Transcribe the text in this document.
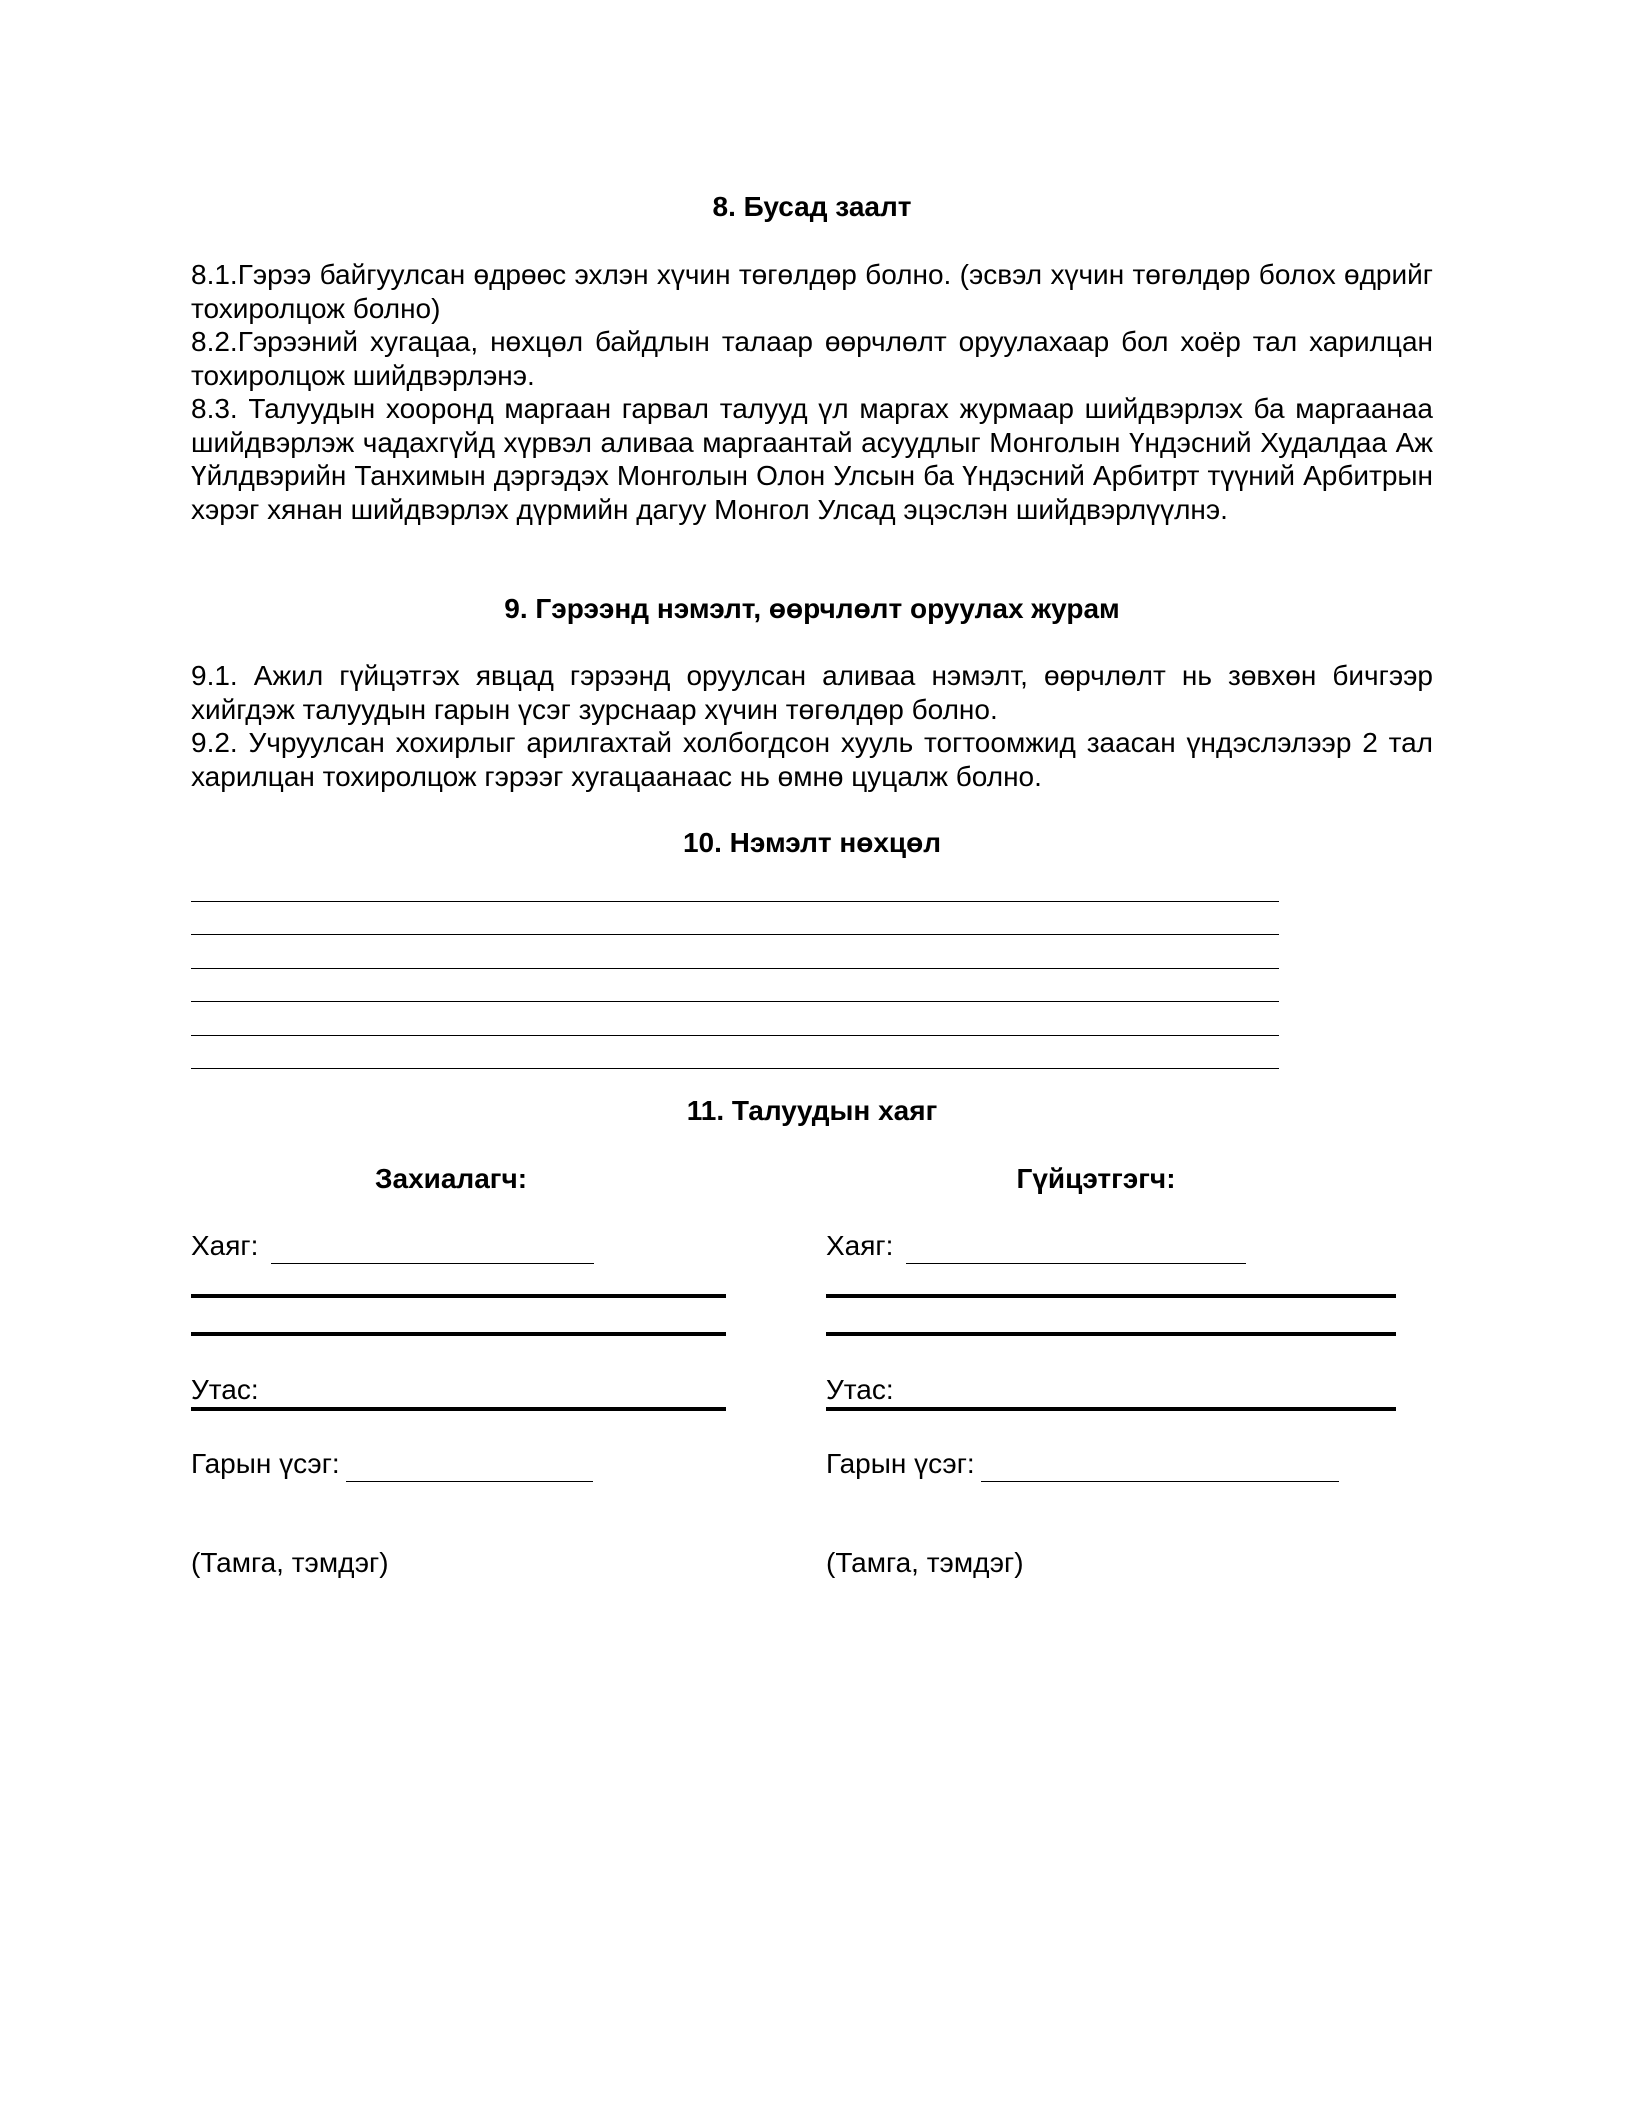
8. Бусад заалт

8.1.Гэрээ байгуулсан өдрөөс эхлэн хүчин төгөлдөр болно. (эсвэл хүчин төгөлдөр болох өдрийг тохиролцож болно)

8.2.Гэрээний хугацаа, нөхцөл байдлын талаар өөрчлөлт оруулахаар бол хоёр тал харилцан тохиролцож шийдвэрлэнэ.

8.3. Талуудын хооронд маргаан гарвал талууд үл маргах журмаар шийдвэрлэх ба маргаанаа шийдвэрлэж чадахгүйд хүрвэл аливаа маргаантай асуудлыг Монголын Үндэсний Худалдаа Аж Үйлдвэрийн Танхимын дэргэдэх Монголын Олон Улсын ба Үндэсний Арбитрт түүний Арбитрын хэрэг хянан шийдвэрлэх дүрмийн дагуу Монгол Улсад эцэслэн шийдвэрлүүлнэ.

9. Гэрээнд нэмэлт, өөрчлөлт оруулах журам

9.1. Ажил гүйцэтгэх явцад гэрээнд оруулсан аливаа нэмэлт, өөрчлөлт нь зөвхөн бичгээр хийгдэж талуудын гарын үсэг зурснаар хүчин төгөлдөр болно.

9.2. Учруулсан хохирлыг арилгахтай холбогдсон хууль тогтоомжид заасан үндэслэлээр 2 тал харилцан тохиролцож гэрээг хугацаанаас нь өмнө цуцалж болно.

10. Нэмэлт нөхцөл
11. Талуудын хаяг
Захиалагч:
Хаяг:
Утас:
Гарын үсэг:
(Тамга, тэмдэг)
Гүйцэтгэгч:
Хаяг:
Утас:
Гарын үсэг:
(Тамга, тэмдэг)
